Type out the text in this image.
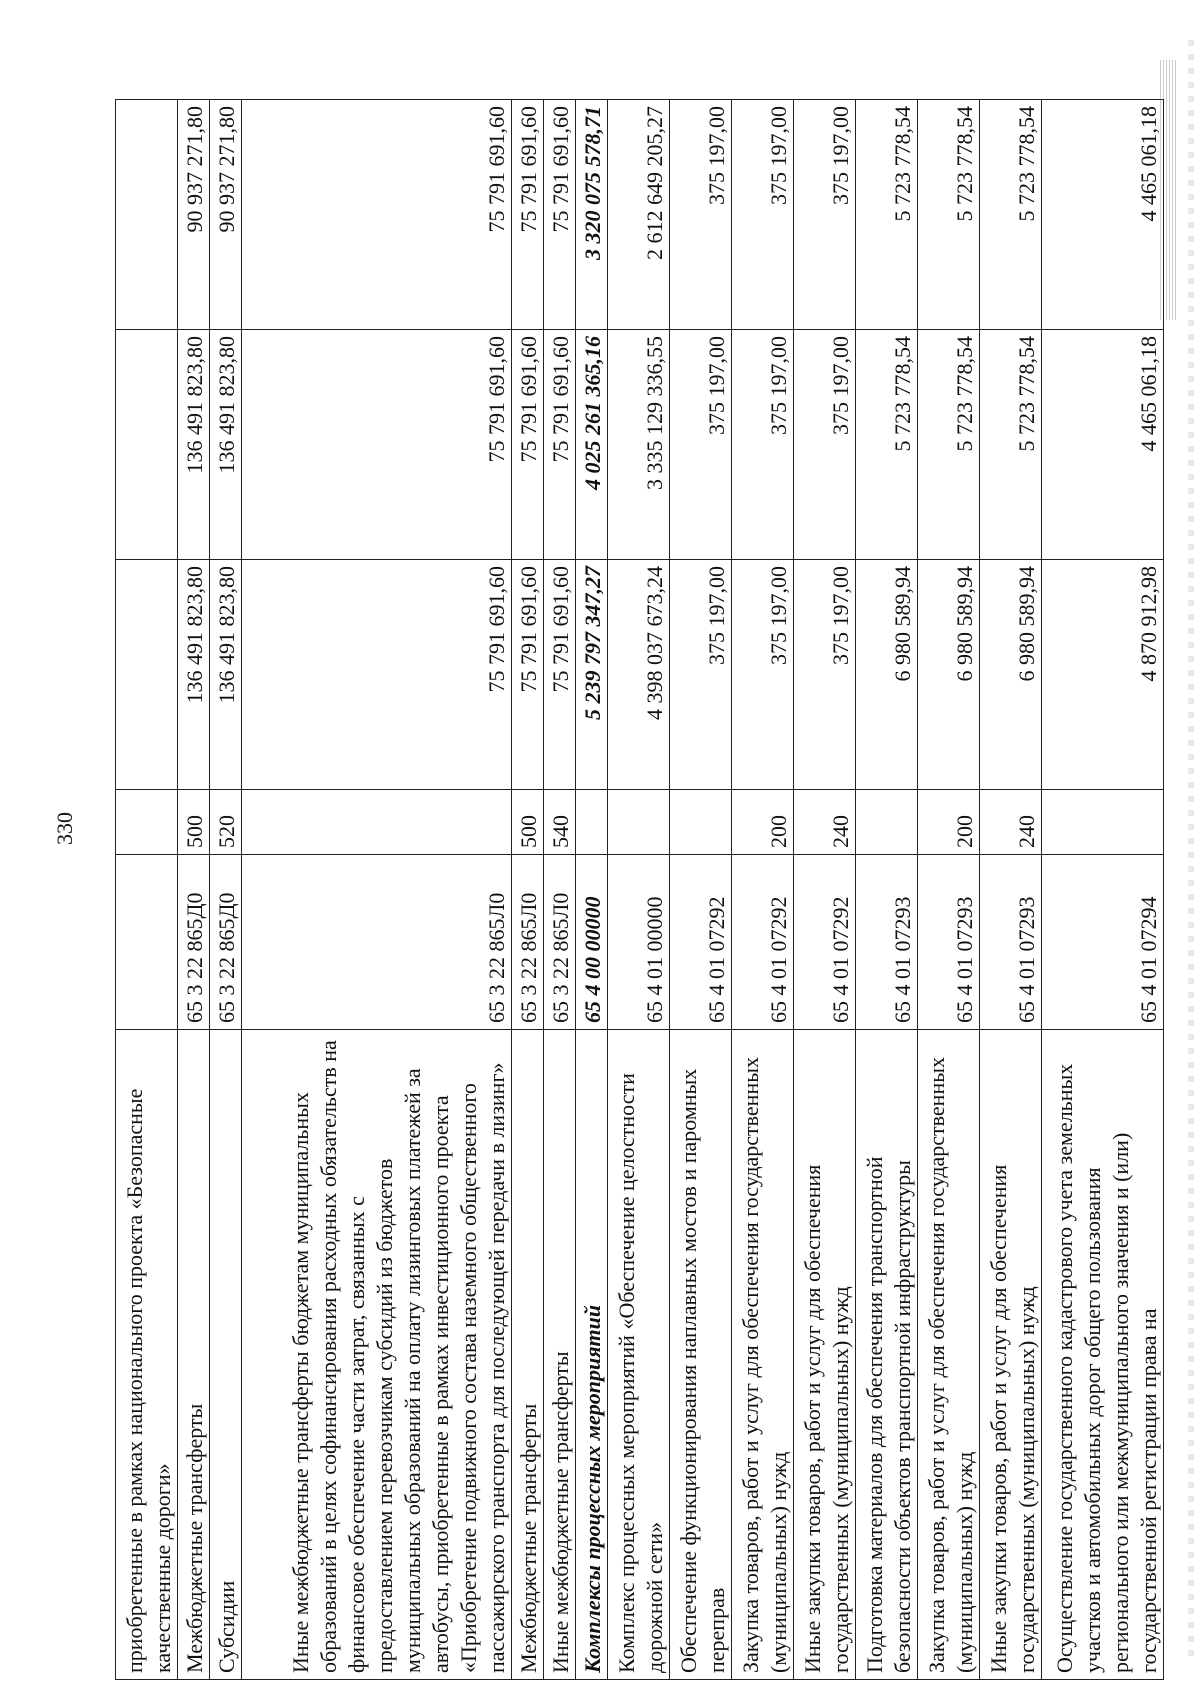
330
приобретенные в рамках национального проекта «Безопасные качественные дороги»					
Межбюджетные трансферты	65 3 22 865Д0	500	136 491 823,80	136 491 823,80	90 937 271,80
Субсидии	65 3 22 865Д0	520	136 491 823,80	136 491 823,80	90 937 271,80
Иные межбюджетные трансферты бюджетам муниципальных образований в целях софинансирования расходных обязательств на финансовое обеспечение части затрат, связанных с предоставлением перевозчикам субсидий из бюджетов муниципальных образований на оплату лизинговых платежей за автобусы, приобретенные в рамках инвестиционного проекта «Приобретение подвижного состава наземного общественного пассажирского транспорта для последующей передачи в лизинг»	65 3 22 865Л0		75 791 691,60	75 791 691,60	75 791 691,60
Межбюджетные трансферты	65 3 22 865Л0	500	75 791 691,60	75 791 691,60	75 791 691,60
Иные межбюджетные трансферты	65 3 22 865Л0	540	75 791 691,60	75 791 691,60	75 791 691,60
Комплексы процессных мероприятий	65 4 00 00000		5 239 797 347,27	4 025 261 365,16	3 320 075 578,71
Комплекс процессных мероприятий «Обеспечение целостности дорожной сети»	65 4 01 00000		4 398 037 673,24	3 335 129 336,55	2 612 649 205,27
Обеспечение функционирования наплавных мостов и паромных переправ	65 4 01 07292		375 197,00	375 197,00	375 197,00
Закупка товаров, работ и услуг для обеспечения государственных (муниципальных) нужд	65 4 01 07292	200	375 197,00	375 197,00	375 197,00
Иные закупки товаров, работ и услуг для обеспечения государственных (муниципальных) нужд	65 4 01 07292	240	375 197,00	375 197,00	375 197,00
Подготовка материалов для обеспечения транспортной безопасности объектов транспортной инфраструктуры	65 4 01 07293		6 980 589,94	5 723 778,54	5 723 778,54
Закупка товаров, работ и услуг для обеспечения государственных (муниципальных) нужд	65 4 01 07293	200	6 980 589,94	5 723 778,54	5 723 778,54
Иные закупки товаров, работ и услуг для обеспечения государственных (муниципальных) нужд	65 4 01 07293	240	6 980 589,94	5 723 778,54	5 723 778,54
Осуществление государственного кадастрового учета земельных участков и автомобильных дорог общего пользования регионального или межмуниципального значения и (или) государственной регистрации права на	65 4 01 07294		4 870 912,98	4 465 061,18	4 465 061,18
